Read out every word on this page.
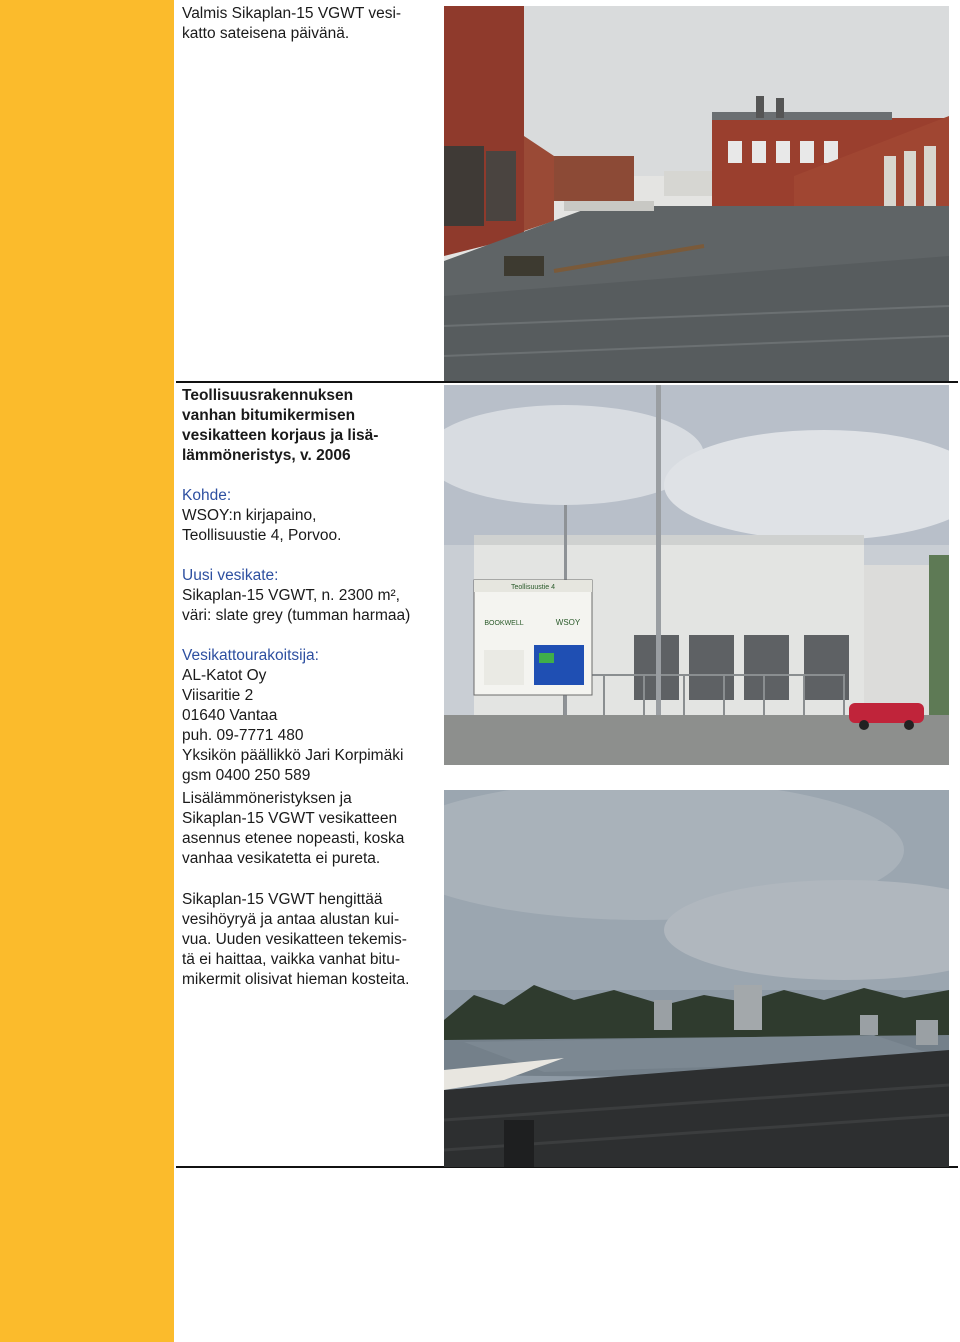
Valmis Sikaplan-15 VGWT vesi-

katto sateisena päivänä.

Teollisuusrakennuksen

vanhan bitumikermisen

vesikatteen korjaus ja lisä-

lämmöneristys, v. 2006

Kohde:

WSOY:n kirjapaino,

Teollisuustie 4, Porvoo.

Uusi vesikate:

Sikaplan-15 VGWT, n. 2300 m²,

väri: slate grey (tumman harmaa)

Vesikattourakoitsija:

AL-Katot Oy

Viisaritie 2

01640 Vantaa

puh. 09-7771 480

Yksikön päällikkö Jari Korpimäki

gsm 0400 250 589

Lisälämmöneristyksen ja

Sikaplan-15 VGWT vesikatteen

asennus etenee nopeasti, koska

vanhaa vesikatetta ei pureta.

Sikaplan-15 VGWT hengittää

vesihöyryä ja antaa alustan kui-

vua. Uuden vesikatteen tekemis-

tä ei haittaa, vaikka vanhat bitu-

mikermit olisivat hieman kosteita.

Teollisuustie 4
BOOKWELL	WSOY
